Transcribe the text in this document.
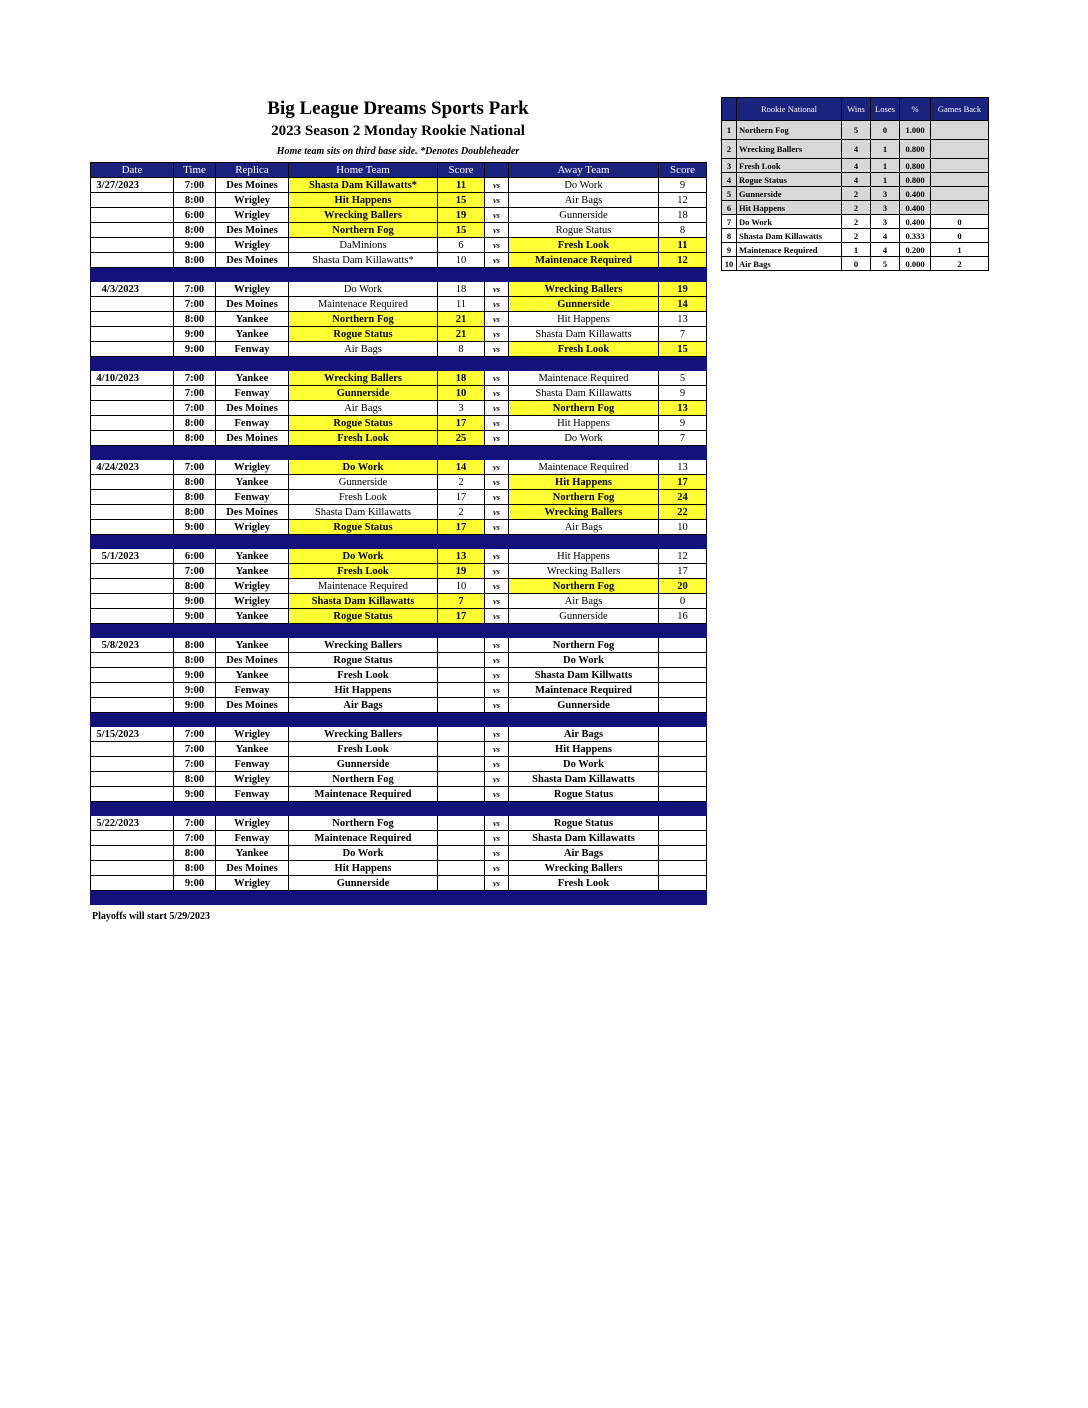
Big League Dreams Sports Park
2023 Season 2 Monday Rookie National
Home team sits on third base side. *Denotes Doubleheader
Date	Time	Replica	Home Team	Score		Away Team	Score
3/27/2023	7:00	Des Moines	Shasta Dam Killawatts*	11	vs	Do Work	9
	8:00	Wrigley	Hit Happens	15	vs	Air Bags	12
	6:00	Wrigley	Wrecking Ballers	19	vs	Gunnerside	18
	8:00	Des Moines	Northern Fog	15	vs	Rogue Status	8
	9:00	Wrigley	DaMinions	6	vs	Fresh Look	11
	8:00	Des Moines	Shasta Dam Killawatts*	10	vs	Maintenace Required	12

4/3/2023	7:00	Wrigley	Do Work	18	vs	Wrecking Ballers	19
	7:00	Des Moines	Maintenace Required	11	vs	Gunnerside	14
	8:00	Yankee	Northern Fog	21	vs	Hit Happens	13
	9:00	Yankee	Rogue Status	21	vs	Shasta Dam Killawatts	7
	9:00	Fenway	Air Bags	8	vs	Fresh Look	15

4/10/2023	7:00	Yankee	Wrecking Ballers	18	vs	Maintenace Required	5
	7:00	Fenway	Gunnerside	10	vs	Shasta Dam Killawatts	9
	7:00	Des Moines	Air Bags	3	vs	Northern Fog	13
	8:00	Fenway	Rogue Status	17	vs	Hit Happens	9
	8:00	Des Moines	Fresh Look	25	vs	Do Work	7

4/24/2023	7:00	Wrigley	Do Work	14	vs	Maintenace Required	13
	8:00	Yankee	Gunnerside	2	vs	Hit Happens	17
	8:00	Fenway	Fresh Look	17	vs	Northern Fog	24
	8:00	Des Moines	Shasta Dam Killawatts	2	vs	Wrecking Ballers	22
	9:00	Wrigley	Rogue Status	17	vs	Air Bags	10

5/1/2023	6:00	Yankee	Do Work	13	vs	Hit Happens	12
	7:00	Yankee	Fresh Look	19	vs	Wrecking Ballers	17
	8:00	Wrigley	Maintenace Required	10	vs	Northern Fog	20
	9:00	Wrigley	Shasta Dam Killawatts	7	vs	Air Bags	0
	9:00	Yankee	Rogue Status	17	vs	Gunnerside	16

5/8/2023	8:00	Yankee	Wrecking Ballers		vs	Northern Fog	
	8:00	Des Moines	Rogue Status		vs	Do Work	
	9:00	Yankee	Fresh Look		vs	Shasta Dam Killwatts	
	9:00	Fenway	Hit Happens		vs	Maintenace Required	
	9:00	Des Moines	Air Bags		vs	Gunnerside	

5/15/2023	7:00	Wrigley	Wrecking Ballers		vs	Air Bags	
	7:00	Yankee	Fresh Look		vs	Hit Happens	
	7:00	Fenway	Gunnerside		vs	Do Work	
	8:00	Wrigley	Northern Fog		vs	Shasta Dam Killawatts	
	9:00	Fenway	Maintenace Required		vs	Rogue Status	

5/22/2023	7:00	Wrigley	Northern Fog		vs	Rogue Status	
	7:00	Fenway	Maintenace Required		vs	Shasta Dam Killawatts	
	8:00	Yankee	Do Work		vs	Air Bags	
	8:00	Des Moines	Hit Happens		vs	Wrecking Ballers	
	9:00	Wrigley	Gunnerside		vs	Fresh Look	

	Rookie National	Wins	Loses	%	Games Back
1	Northern Fog	5	0	1.000	
2	Wrecking Ballers	4	1	0.800	
3	Fresh Look	4	1	0.800	
4	Rogue Status	4	1	0.800	
5	Gunnerside	2	3	0.400	
6	Hit Happens	2	3	0.400	
7	Do Work	2	3	0.400	0
8	Shasta Dam Killawatts	2	4	0.333	0
9	Maintenace Required	1	4	0.200	1
10	Air Bags	0	5	0.000	2
Playoffs will start 5/29/2023
